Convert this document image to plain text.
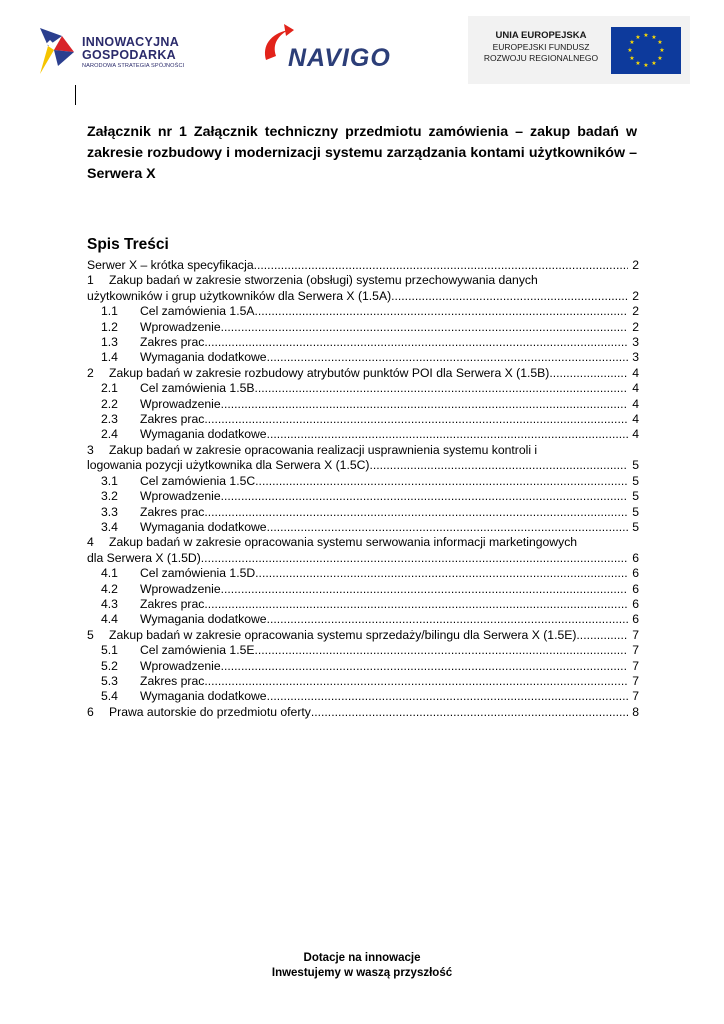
INNOWACYJNA
GOSPODARKA
NARODOWA STRATEGIA SPÓJNOŚCI	NAVIGO
UNIA EUROPEJSKA
EUROPEJSKI FUNDUSZ
ROZWOJU REGIONALNEGO
★ ★
★
★
★
★
★
★
★
★
★
★
Załącznik nr 1 Załącznik techniczny przedmiotu zamówienia – zakup badań w zakresie rozbudowy i modernizacji systemu zarządzania kontami użytkowników – Serwera X
Spis Treści
Serwer X – krótka specyfikacja .....	2
1	Zakup badań w zakresie stworzenia (obsługi) systemu przechowywania danych
użytkowników i grup użytkowników dla Serwera X (1.5A) .....	2
1.1	Cel zamówienia 1.5A .....	2
1.2	Wprowadzenie .....	2
1.3	Zakres prac .....	3
1.4	Wymagania dodatkowe .....	3
2	Zakup badań w zakresie rozbudowy atrybutów punktów POI dla Serwera X (1.5B) .....	4
2.1	Cel zamówienia 1.5B .....	4
2.2	Wprowadzenie .....	4
2.3	Zakres prac .....	4
2.4	Wymagania dodatkowe .....	4
3	Zakup badań w zakresie opracowania realizacji usprawnienia systemu kontroli i
logowania pozycji użytkownika dla Serwera X (1.5C) .....	5
3.1	Cel zamówienia 1.5C .....	5
3.2	Wprowadzenie .....	5
3.3	Zakres prac .....	5
3.4	Wymagania dodatkowe .....	5
4	Zakup badań w zakresie opracowania systemu serwowania informacji marketingowych
dla Serwera X (1.5D) .....	6
4.1	Cel zamówienia 1.5D .....	6
4.2	Wprowadzenie .....	6
4.3	Zakres prac .....	6
4.4	Wymagania dodatkowe .....	6
5	Zakup badań w zakresie opracowania systemu sprzedaży/bilingu dla Serwera X (1.5E) .....	7
5.1	Cel zamówienia 1.5E .....	7
5.2	Wprowadzenie .....	7
5.3	Zakres prac .....	7
5.4	Wymagania dodatkowe .....	7
6	Prawa autorskie do przedmiotu oferty .....	8
Dotacje na innowacje
Inwestujemy w waszą przyszłość
